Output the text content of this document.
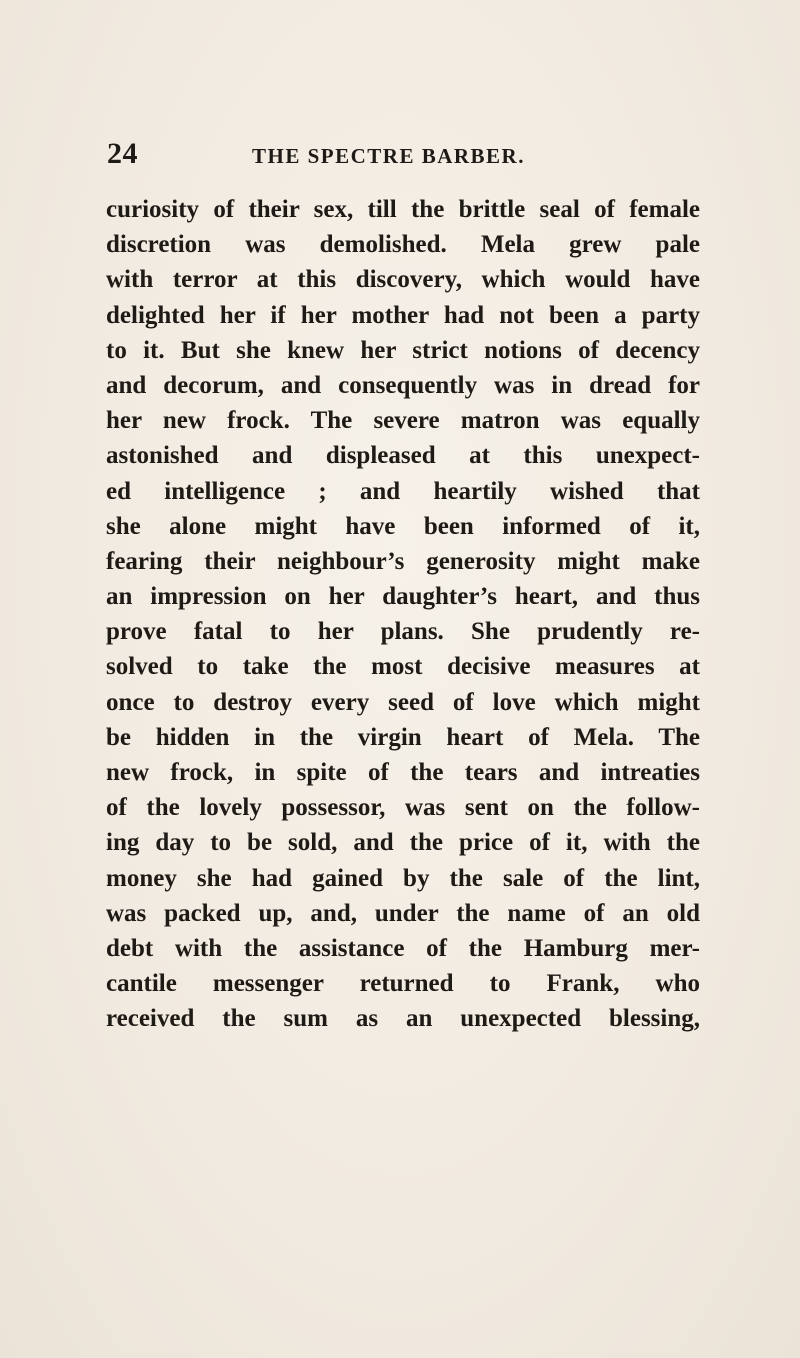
24	THE SPECTRE BARBER.
curiosity of their sex, till the brittle seal of female
discretion was demolished. Mela grew pale
with terror at this discovery, which would have
delighted her if her mother had not been a party
to it. But she knew her strict notions of decency
and decorum, and consequently was in dread for
her new frock. The severe matron was equally
astonished and displeased at this unexpect-
ed intelligence ; and heartily wished that
she alone might have been informed of it,
fearing their neighbour’s generosity might make
an impression on her daughter’s heart, and thus
prove fatal to her plans. She prudently re-
solved to take the most decisive measures at
once to destroy every seed of love which might
be hidden in the virgin heart of Mela. The
new frock, in spite of the tears and intreaties
of the lovely possessor, was sent on the follow-
ing day to be sold, and the price of it, with the
money she had gained by the sale of the lint,
was packed up, and, under the name of an old
debt with the assistance of the Hamburg mer-
cantile messenger returned to Frank, who
received the sum as an unexpected blessing,
